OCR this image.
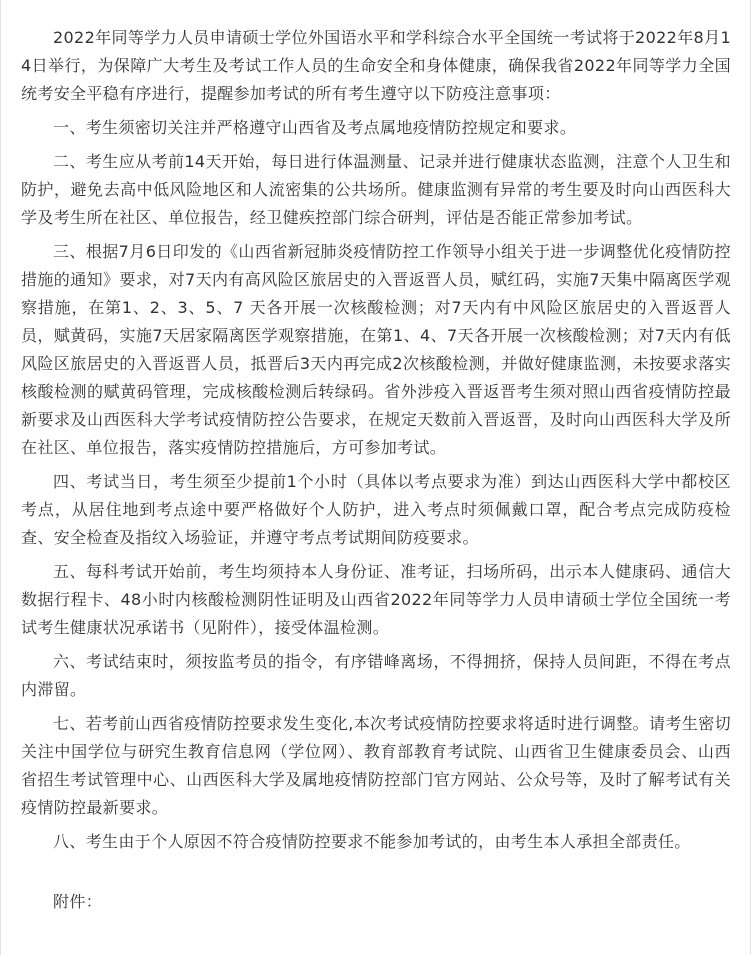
2022年同等学力人员申请硕士学位外国语水平和学科综合水平全国统一考试将于2022年8月14日举行，为保障广大考生及考试工作人员的生命安全和身体健康，确保我省2022年同等学力全国统考安全平稳有序进行，提醒参加考试的所有考生遵守以下防疫注意事项：

一、考生须密切关注并严格遵守山西省及考点属地疫情防控规定和要求。

二、考生应从考前14天开始，每日进行体温测量、记录并进行健康状态监测，注意个人卫生和防护，避免去高中低风险地区和人流密集的公共场所。健康监测有异常的考生要及时向山西医科大学及考生所在社区、单位报告，经卫健疾控部门综合研判，评估是否能正常参加考试。

三、根据7月6日印发的《山西省新冠肺炎疫情防控工作领导小组关于进一步调整优化疫情防控措施的通知》要求，对7天内有高风险区旅居史的入晋返晋人员，赋红码，实施7天集中隔离医学观察措施，在第1、2、3、5、7 天各开展一次核酸检测；对7天内有中风险区旅居史的入晋返晋人员，赋黄码，实施7天居家隔离医学观察措施，在第1、4、7天各开展一次核酸检测；对7天内有低风险区旅居史的入晋返晋人员，抵晋后3天内再完成2次核酸检测，并做好健康监测，未按要求落实核酸检测的赋黄码管理，完成核酸检测后转绿码。省外涉疫入晋返晋考生须对照山西省疫情防控最新要求及山西医科大学考试疫情防控公告要求，在规定天数前入晋返晋，及时向山西医科大学及所在社区、单位报告，落实疫情防控措施后，方可参加考试。

四、考试当日，考生须至少提前1个小时（具体以考点要求为准）到达山西医科大学中都校区考点，从居住地到考点途中要严格做好个人防护，进入考点时须佩戴口罩，配合考点完成防疫检查、安全检查及指纹入场验证，并遵守考点考试期间防疫要求。

五、每科考试开始前，考生均须持本人身份证、准考证，扫场所码，出示本人健康码、通信大数据行程卡、48小时内核酸检测阴性证明及山西省2022年同等学力人员申请硕士学位全国统一考试考生健康状况承诺书（见附件），接受体温检测。

六、考试结束时，须按监考员的指令，有序错峰离场，不得拥挤，保持人员间距，不得在考点内滞留。

七、若考前山西省疫情防控要求发生变化,本次考试疫情防控要求将适时进行调整。请考生密切关注中国学位与研究生教育信息网（学位网）、教育部教育考试院、山西省卫生健康委员会、山西省招生考试管理中心、山西医科大学及属地疫情防控部门官方网站、公众号等，及时了解考试有关疫情防控最新要求。

八、考生由于个人原因不符合疫情防控要求不能参加考试的，由考生本人承担全部责任。

附件：
